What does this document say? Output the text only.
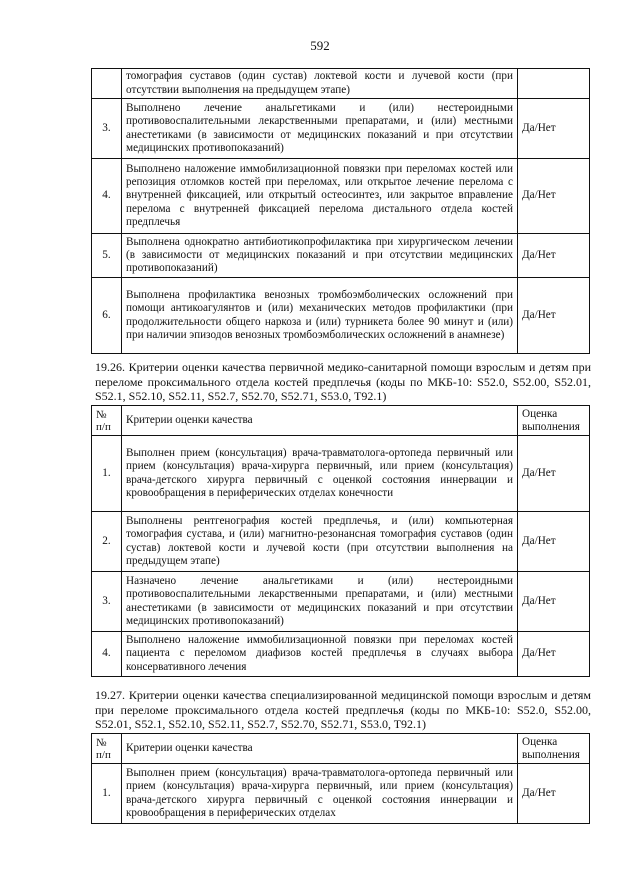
592
	томография суставов (один сустав) локтевой кости и лучевой кости (при отсутствии выполнения на предыдущем этапе)	
3.	Выполнено лечение анальгетиками и (или) нестероидными противовоспалительными лекарственными препаратами, и (или) местными анестетиками (в зависимости от медицинских показаний и при отсутствии медицинских противопоказаний)	Да/Нет
4.	Выполнено наложение иммобилизационной повязки при переломах костей или репозиция отломков костей при переломах, или открытое лечение перелома с внутренней фиксацией, или открытый остеосинтез, или закрытое вправление перелома с внутренней фиксацией перелома дистального отдела костей предплечья	Да/Нет
5.	Выполнена однократно антибиотикопрофилактика при хирургическом лечении (в зависимости от медицинских показаний и при отсутствии медицинских противопоказаний)	Да/Нет
6.	Выполнена профилактика венозных тромбоэмболических осложнений при помощи антикоагулянтов и (или) механических методов профилактики (при продолжительности общего наркоза и (или) турникета более 90 минут и (или) при наличии эпизодов венозных тромбоэмболических осложнений в анамнезе)	Да/Нет
19.26. Критерии оценки качества первичной медико-санитарной помощи взрослым и детям при переломе проксимального отдела костей предплечья (коды по МКБ-10: S52.0, S52.00, S52.01, S52.1, S52.10, S52.11, S52.7, S52.70, S52.71, S53.0, T92.1)
№ п/п	Критерии оценки качества	Оценка выполнения
1.	Выполнен прием (консультация) врача-травматолога-ортопеда первичный или прием (консультация) врача-хирурга первичный, или прием (консультация) врача-детского хирурга первичный с оценкой состояния иннервации и кровообращения в периферических отделах конечности	Да/Нет
2.	Выполнены рентгенография костей предплечья, и (или) компьютерная томография сустава, и (или) магнитно-резонансная томография суставов (один сустав) локтевой кости и лучевой кости (при отсутствии выполнения на предыдущем этапе)	Да/Нет
3.	Назначено лечение анальгетиками и (или) нестероидными противовоспалительными лекарственными препаратами, и (или) местными анестетиками (в зависимости от медицинских показаний и при отсутствии медицинских противопоказаний)	Да/Нет
4.	Выполнено наложение иммобилизационной повязки при переломах костей пациента с переломом диафизов костей предплечья в случаях выбора консервативного лечения	Да/Нет
19.27. Критерии оценки качества специализированной медицинской помощи взрослым и детям при переломе проксимального отдела костей предплечья (коды по МКБ-10: S52.0, S52.00, S52.01, S52.1, S52.10, S52.11, S52.7, S52.70, S52.71, S53.0, T92.1)
№ п/п	Критерии оценки качества	Оценка выполнения
1.	Выполнен прием (консультация) врача-травматолога-ортопеда первичный или прием (консультация) врача-хирурга первичный, или прием (консультация) врача-детского хирурга первичный с оценкой состояния иннервации и кровообращения в периферических отделах	Да/Нет
